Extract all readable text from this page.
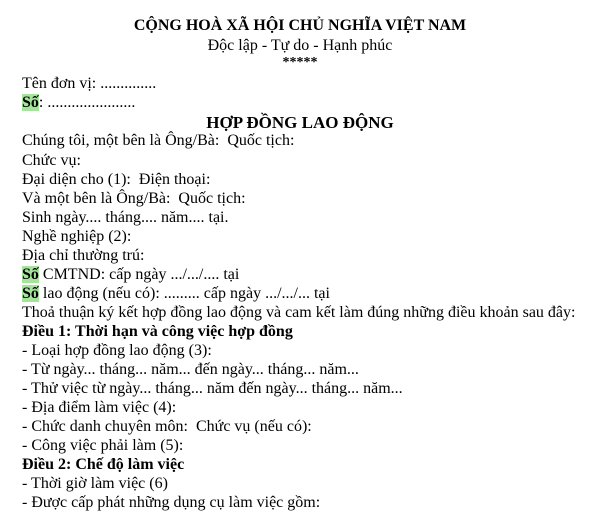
CỘNG HOÀ XÃ HỘI CHỦ NGHĨA VIỆT NAM
Độc lập - Tự do - Hạnh phúc
*****
Tên đơn vị: ..............
Số: ......................
HỢP ĐỒNG LAO ĐỘNG
Chúng tôi, một bên là Ông/Bà: Quốc tịch:
Chức vụ:
Đại diện cho (1): Điện thoại:
Và một bên là Ông/Bà: Quốc tịch:
Sinh ngày.... tháng.... năm.... tại.
Nghề nghiệp (2):
Địa chỉ thường trú:
Số CMTND: cấp ngày .../.../.... tại
Số lao động (nếu có): ......... cấp ngày .../.../... tại
Thoả thuận ký kết hợp đồng lao động và cam kết làm đúng những điều khoản sau đây:
Điều 1: Thời hạn và công việc hợp đồng
- Loại hợp đồng lao động (3):
- Từ ngày... tháng... năm... đến ngày... tháng... năm...
- Thử việc từ ngày... tháng... năm đến ngày... tháng... năm...
- Địa điểm làm việc (4):
- Chức danh chuyên môn: Chức vụ (nếu có):
- Công việc phải làm (5):
Điều 2: Chế độ làm việc
- Thời giờ làm việc (6)
- Được cấp phát những dụng cụ làm việc gồm:
